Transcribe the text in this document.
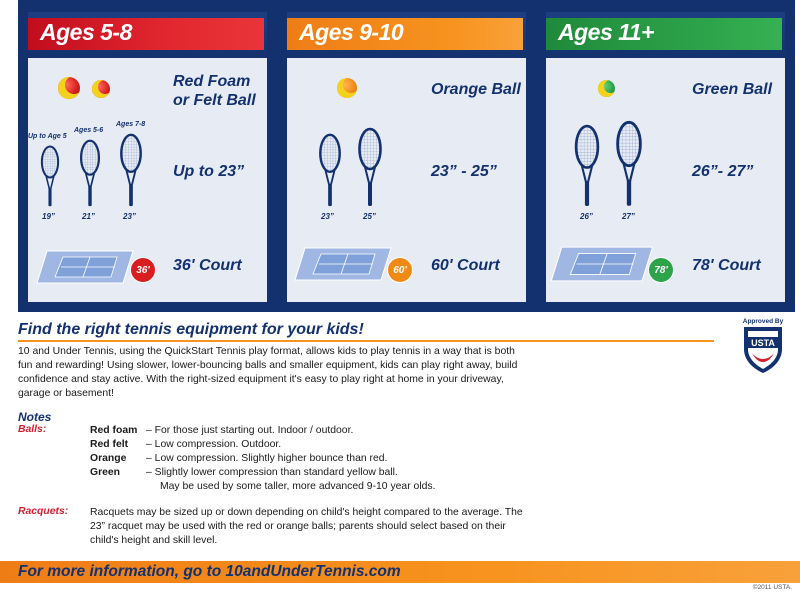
Ages 5-8
Red Foam
or Felt Ball
Up to Age 5
Ages 5-6
Ages 7-8
19”	21”	23”
Up to 23”
36'	36' Court
Ages 9-10
Orange Ball
23”	25”
23” - 25”
60'	60' Court
Ages 11+
Green Ball
26”	27”
26”- 27”
78'	78' Court
Find the right tennis equipment for your kids!
10 and Under Tennis, using the QuickStart Tennis play format, allows kids to play tennis in a way that is both fun and rewarding! Using slower, lower-bouncing balls and smaller equipment, kids can play right away, build confidence and stay active. With the right-sized equipment it's easy to play right at home in your driveway, garage or basement!
Approved By
USTA
Notes
Balls:	Red foam – For those just starting out. Indoor / outdoor.
Red felt – Low compression. Outdoor.
Orange – Low compression. Slightly higher bounce than red.
Green – Slightly lower compression than standard yellow ball.
May be used by some taller, more advanced 9-10 year olds.
Racquets: Racquets may be sized up or down depending on child's height compared to the average. The 23” racquet may be used with the red or orange balls; parents should select based on their child's height and skill level.
For more information, go to 10andUnderTennis.com
©2011 USTA.
